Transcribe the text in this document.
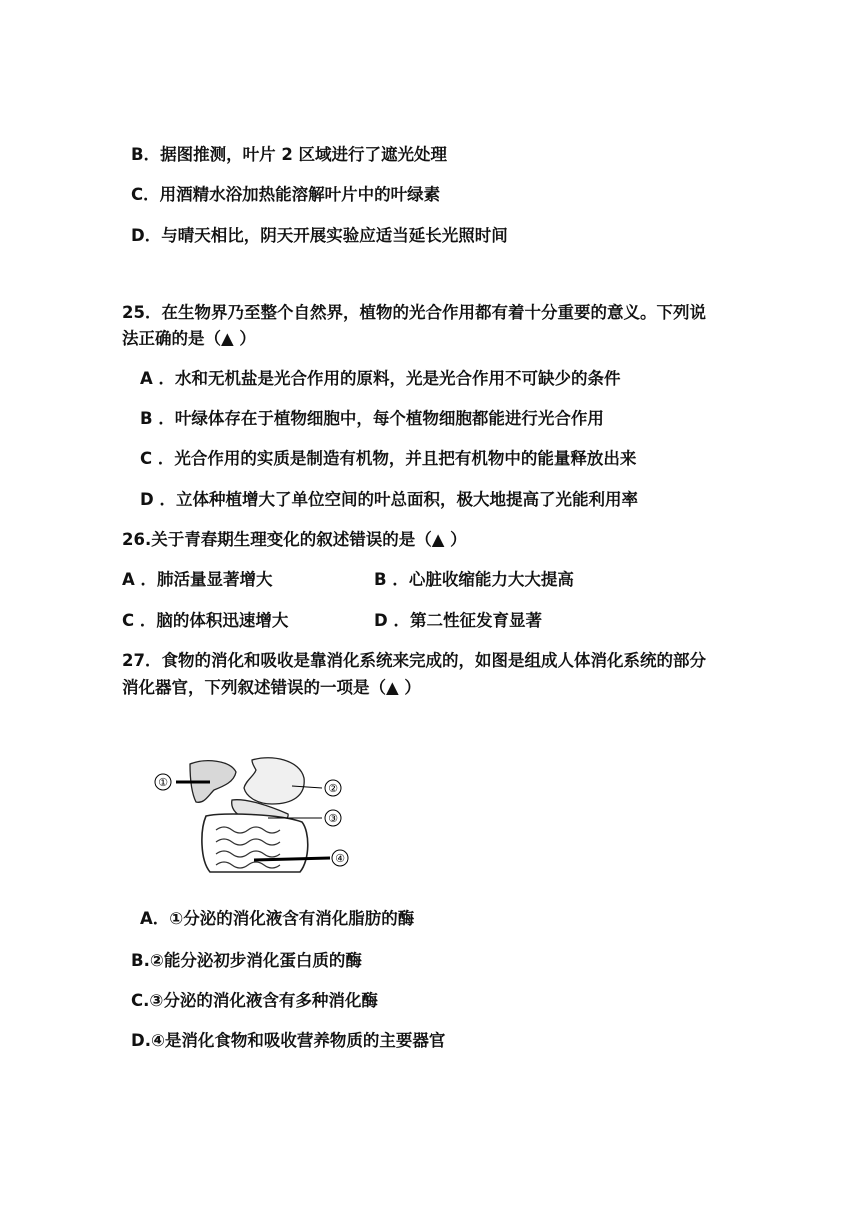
B．据图推测，叶片 2 区域进行了遮光处理
C．用酒精水浴加热能溶解叶片中的叶绿素
D．与晴天相比，阴天开展实验应适当延长光照时间
25．在生物界乃至整个自然界，植物的光合作用都有着十分重要的意义。下列说
法正确的是（▲ ）
A ．水和无机盐是光合作用的原料，光是光合作用不可缺少的条件
B ．叶绿体存在于植物细胞中，每个植物细胞都能进行光合作用
C ．光合作用的实质是制造有机物，并且把有机物中的能量释放出来
D ．立体种植增大了单位空间的叶总面积，极大地提高了光能利用率
26.关于青春期生理变化的叙述错误的是（▲ ）
A ．肺活量显著增大	B ．心脏收缩能力大大提高
C ．脑的体积迅速增大	D ．第二性征发育显著
27．食物的消化和吸收是靠消化系统来完成的，如图是组成人体消化系统的部分
消化器官，下列叙述错误的一项是（▲ ）
①	②
③
④
A．①分泌的消化液含有消化脂肪的酶
B.②能分泌初步消化蛋白质的酶
C.③分泌的消化液含有多种消化酶
D.④是消化食物和吸收营养物质的主要器官
